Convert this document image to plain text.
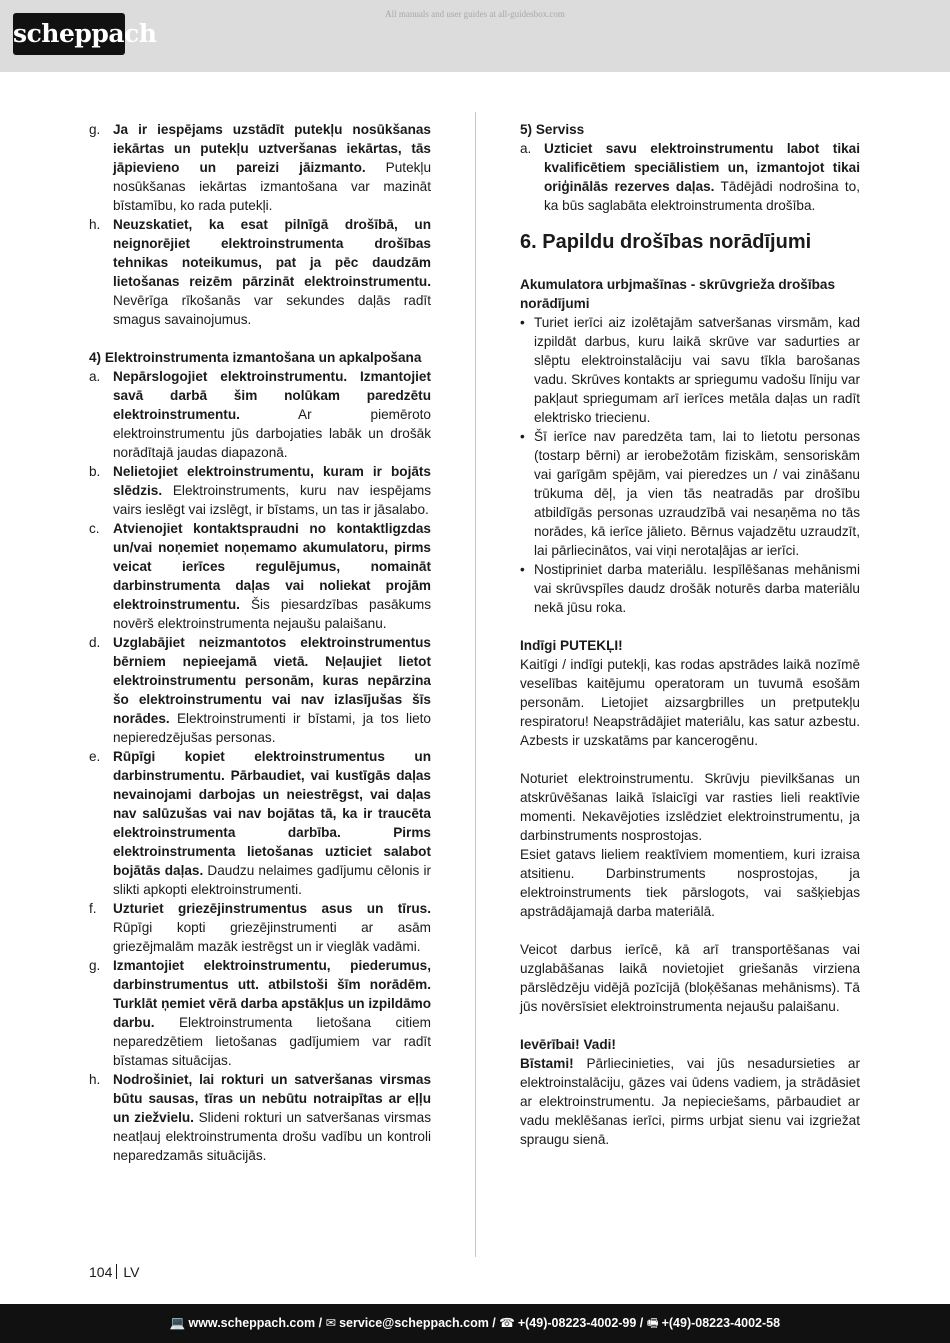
scheppach
All manuals and user guides at all-guidesbox.com
g. Ja ir iespējams uzstādīt putekļu nosūkšanas iekārtas un putekļu uztveršanas iekārtas, tās jāpievieno un pareizi jāizmanto. Putekļu nosūkšanas iekārtas izmantošana var mazināt bīstamību, ko rada putekļi.
h. Neuzskatiet, ka esat pilnīgā drošībā, un neignorējiet elektroinstrumenta drošības tehnikas noteikumus, pat ja pēc daudzām lietošanas reizēm pārzināt elektroinstrumentu. Nevērīga rīkošanās var sekundes daļās radīt smagus savainojumus.

4) Elektroinstrumenta izmantošana un apkalpošana

a. Nepārslogojiet elektroinstrumentu. Izmantojiet savā darbā šim nolūkam paredzētu elektroinstrumentu. Ar piemēroto elektroinstrumentu jūs darbojaties labāk un drošāk norādītajā jaudas diapazonā.
b. Nelietojiet elektroinstrumentu, kuram ir bojāts slēdzis. Elektroinstruments, kuru nav iespējams vairs ieslēgt vai izslēgt, ir bīstams, un tas ir jāsalabo.
c. Atvienojiet kontaktspraudni no kontaktligzdas un/vai noņemiet noņemamo akumulatoru, pirms veicat ierīces regulējumus, nomaināt darbinstrumenta daļas vai noliekat projām elektroinstrumentu. Šis piesardzības pasākums novērš elektroinstrumenta nejaušu palaišanu.
d. Uzglabājiet neizmantotos elektroinstrumentus bērniem nepieejamā vietā. Neļaujiet lietot elektroinstrumentu personām, kuras nepārzina šo elektroinstrumentu vai nav izlasījušas šīs norādes. Elektroinstrumenti ir bīstami, ja tos lieto nepieredzējušas personas.
e. Rūpīgi kopiet elektroinstrumentus un darbinstrumentu. Pārbaudiet, vai kustīgās daļas nevainojami darbojas un neiestrēgst, vai daļas nav salūzušas vai nav bojātas tā, ka ir traucēta elektroinstrumenta darbība. Pirms elektroinstrumenta lietošanas uzticiet salabot bojātās daļas. Daudzu nelaimes gadījumu cēlonis ir slikti apkopti elektroinstrumenti.
f.	Uzturiet griezējinstrumentus asus un tīrus. Rūpīgi kopti griezējinstrumenti ar asām griezējmalām mazāk iestrēgst un ir vieglāk vadāmi.
g. Izmantojiet elektroinstrumentu, piederumus, darbinstrumentus utt. atbilstoši šīm norādēm. Turklāt ņemiet vērā darba apstākļus un izpildāmo darbu. Elektroinstrumenta lietošana citiem neparedzētiem lietošanas gadījumiem var radīt bīstamas situācijas.
h. Nodrošiniet, lai rokturi un satveršanas virsmas būtu sausas, tīras un nebūtu notraipītas ar eļļu un ziežvielu. Slideni rokturi un satveršanas virsmas neatļauj elektroinstrumenta drošu vadību un kontroli neparedzamās situācijās.

5) Serviss

a. Uzticiet savu elektroinstrumentu labot tikai kvalificētiem speciālistiem un, izmantojot tikai oriģinālās rezerves daļas. Tādējādi nodrošina to, ka būs saglabāta elektroinstrumenta drošība.
6. Papildu drošības norādījumi

Akumulatora urbjmašīnas - skrūvgrieža drošības norādījumi

• Turiet ierīci aiz izolētajām satveršanas virsmām, kad izpildāt darbus, kuru laikā skrūve var sadurties ar slēptu elektroinstalāciju vai savu tīkla barošanas vadu. Skrūves kontakts ar spriegumu vadošu līniju var pakļaut spriegumam arī ierīces metāla daļas un radīt elektrisko triecienu.
• Šī ierīce nav paredzēta tam, lai to lietotu personas (tostarp bērni) ar ierobežotām fiziskām, sensoriskām vai garīgām spējām, vai pieredzes un / vai zināšanu trūkuma dēļ, ja vien tās neatradās par drošību atbildīgās personas uzraudzībā vai nesaņēma no tās norādes, kā ierīce jālieto. Bērnus vajadzētu uzraudzīt, lai pārliecinātos, vai viņi nerotaļājas ar ierīci.
• Nostipriniet darba materiālu. Iespīlēšanas mehānismi vai skrūvspīles daudz drošāk noturēs darba materiālu nekā jūsu roka.

Indīgi PUTEKĻI!

Kaitīgi / indīgi putekļi, kas rodas apstrādes laikā nozīmē veselības kaitējumu operatoram un tuvumā esošām personām. Lietojiet aizsargbrilles un pretputekļu respiratoru! Neapstrādājiet materiālu, kas satur azbestu. Azbests ir uzskatāms par kancerogēnu.

Noturiet elektroinstrumentu. Skrūvju pievilkšanas un atskrūvēšanas laikā īslaicīgi var rasties lieli reaktīvie momenti. Nekavējoties izslēdziet elektroinstrumentu, ja darbinstruments nosprostojas.

Esiet gatavs lieliem reaktīviem momentiem, kuri izraisa atsitienu. Darbinstruments nosprostojas, ja elektroinstruments tiek pārslogots, vai sašķiebjas apstrādājamajā darba materiālā.

Veicot darbus ierīcē, kā arī transportēšanas vai uzglabāšanas laikā novietojiet griešanās virziena pārslēdzēju vidējā pozīcijā (bloķēšanas mehānisms). Tā jūs novērsīsiet elektroinstrumenta nejaušu palaišanu.

Ievērībai! Vadi!

Bīstami! Pārliecinieties, vai jūs nesadursieties ar elektroinstalāciju, gāzes vai ūdens vadiem, ja strādāsiet ar elektroinstrumentu. Ja nepieciešams, pārbaudiet ar vadu meklēšanas ierīci, pirms urbjat sienu vai izgriežat spraugu sienā.

104 LV
💻 www.scheppach.com / ✉ service@scheppach.com / ☎ +(49)-08223-4002-99 / 🖷 +(49)-08223-4002-58
